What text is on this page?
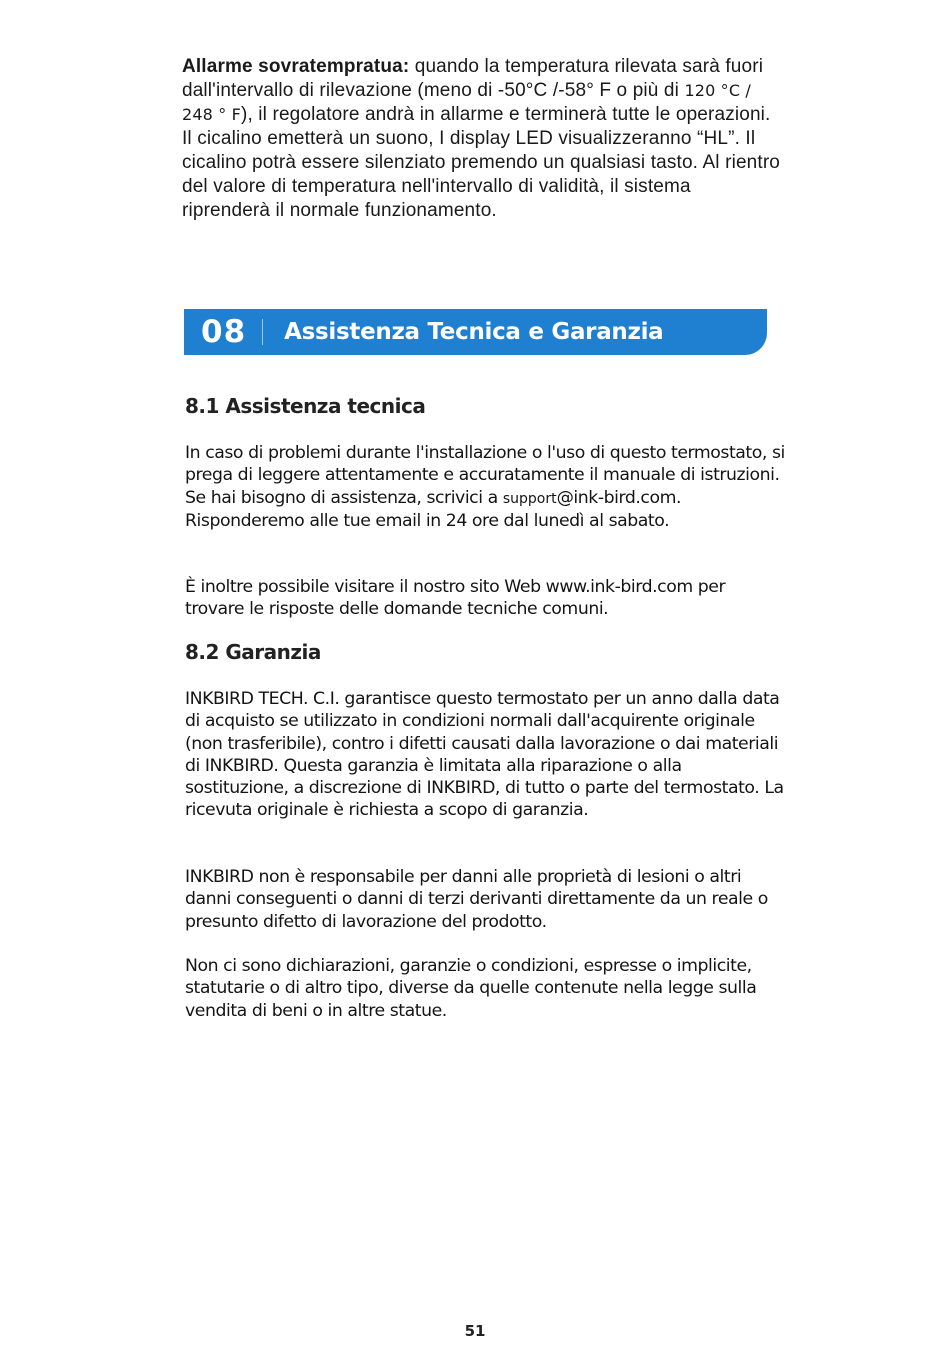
Allarme sovratempratua: quando la temperatura rilevata sarà fuori dall'intervallo di rilevazione (meno di -50°C /-58° F o più di 120 °C / 248 ° F), il regolatore andrà in allarme e terminerà tutte le operazioni. Il cicalino emetterà un suono, I display LED visualizzeranno “HL”. Il cicalino potrà essere silenziato premendo un qualsiasi tasto. Al rientro del valore di temperatura nell'intervallo di validità, il sistema riprenderà il normale funzionamento.
08 Assistenza Tecnica e Garanzia
8.1 Assistenza tecnica

In caso di problemi durante l'installazione o l'uso di questo termostato, si prega di leggere attentamente e accuratamente il manuale di istruzioni. Se hai bisogno di assistenza, scrivici a support@ink-bird.com. Risponderemo alle tue email in 24 ore dal lunedì al sabato.

È inoltre possibile visitare il nostro sito Web www.ink-bird.com per trovare le risposte delle domande tecniche comuni.

8.2 Garanzia

INKBIRD TECH. C.I. garantisce questo termostato per un anno dalla data di acquisto se utilizzato in condizioni normali dall'acquirente originale (non trasferibile), contro i difetti causati dalla lavorazione o dai materiali di INKBIRD. Questa garanzia è limitata alla riparazione o alla sostituzione, a discrezione di INKBIRD, di tutto o parte del termostato. La ricevuta originale è richiesta a scopo di garanzia.

INKBIRD non è responsabile per danni alle proprietà di lesioni o altri danni conseguenti o danni di terzi derivanti direttamente da un reale o presunto difetto di lavorazione del prodotto.

Non ci sono dichiarazioni, garanzie o condizioni, espresse o implicite, statutarie o di altro tipo, diverse da quelle contenute nella legge sulla vendita di beni o in altre statue.

51
